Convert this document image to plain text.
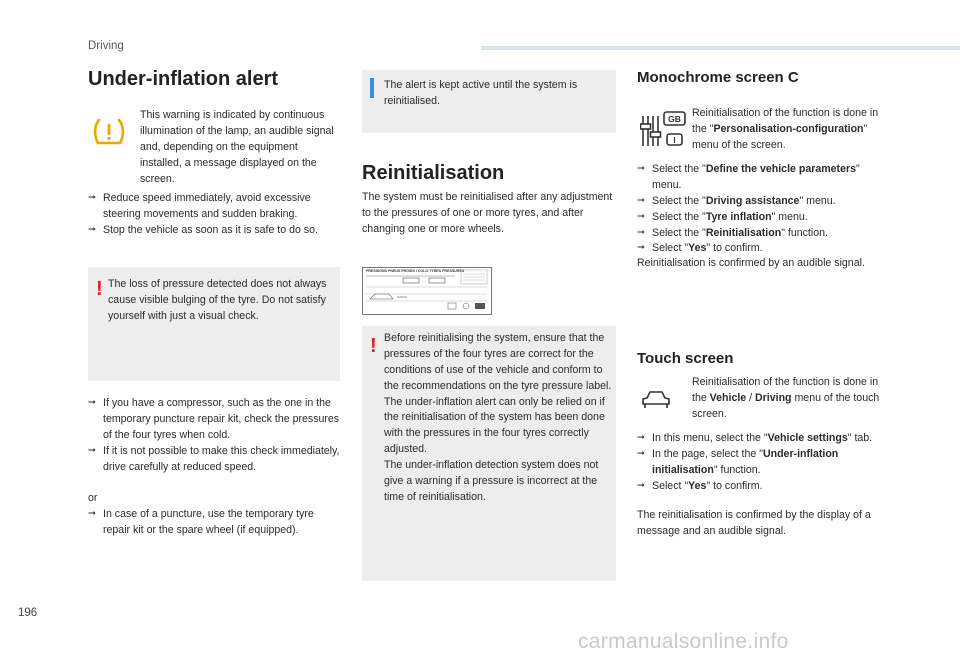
Driving
Under-inflation alert

This warning is indicated by continuous illumination of the lamp, an audible signal and, depending on the equipment installed, a message displayed on the screen.

➞ Reduce speed immediately, avoid excessive steering movements and sudden braking.
➞ Stop the vehicle as soon as it is safe to do so.
! The loss of pressure detected does not always cause visible bulging of the tyre. Do not satisfy yourself with just a visual check.

➞ If you have a compressor, such as the one in the temporary puncture repair kit, check the pressures of the four tyres when cold.
➞ If it is not possible to make this check immediately, drive carefully at reduced speed.

or

➞ In case of a puncture, use the temporary tyre repair kit or the spare wheel (if equipped).

The alert is kept active until the system is reinitialised.

Reinitialisation

The system must be reinitialised after any adjustment to the pressures of one or more tyres, and after changing one or more wheels.

PRESSIONS PNEUS FROIDS / COLD TYRES PRESSURES
! Before reinitialising the system, ensure that the pressures of the four tyres are correct for the conditions of use of the vehicle and conform to the recommendations on the tyre pressure label.

The under-inflation alert can only be relied on if the reinitialisation of the system has been done with the pressures in the four tyres correctly adjusted.

The under-inflation detection system does not give a warning if a pressure is incorrect at the time of reinitialisation.

Monochrome screen C
GB
I

Reinitialisation of the function is done in the "Personalisation-configuration" menu of the screen.

➞ Select the "Define the vehicle parameters" menu.
➞ Select the "Driving assistance" menu.
➞ Select the "Tyre inflation" menu.
➞ Select the "Reinitialisation" function.
➞ Select "Yes" to confirm.

Reinitialisation is confirmed by an audible signal.

Touch screen

Reinitialisation of the function is done in the Vehicle / Driving menu of the touch screen.

➞ In this menu, select the "Vehicle settings" tab.
➞ In the page, select the "Under-inflation initialisation" function.
➞ Select "Yes" to confirm.

The reinitialisation is confirmed by the display of a message and an audible signal.

196
carmanualsonline.info
